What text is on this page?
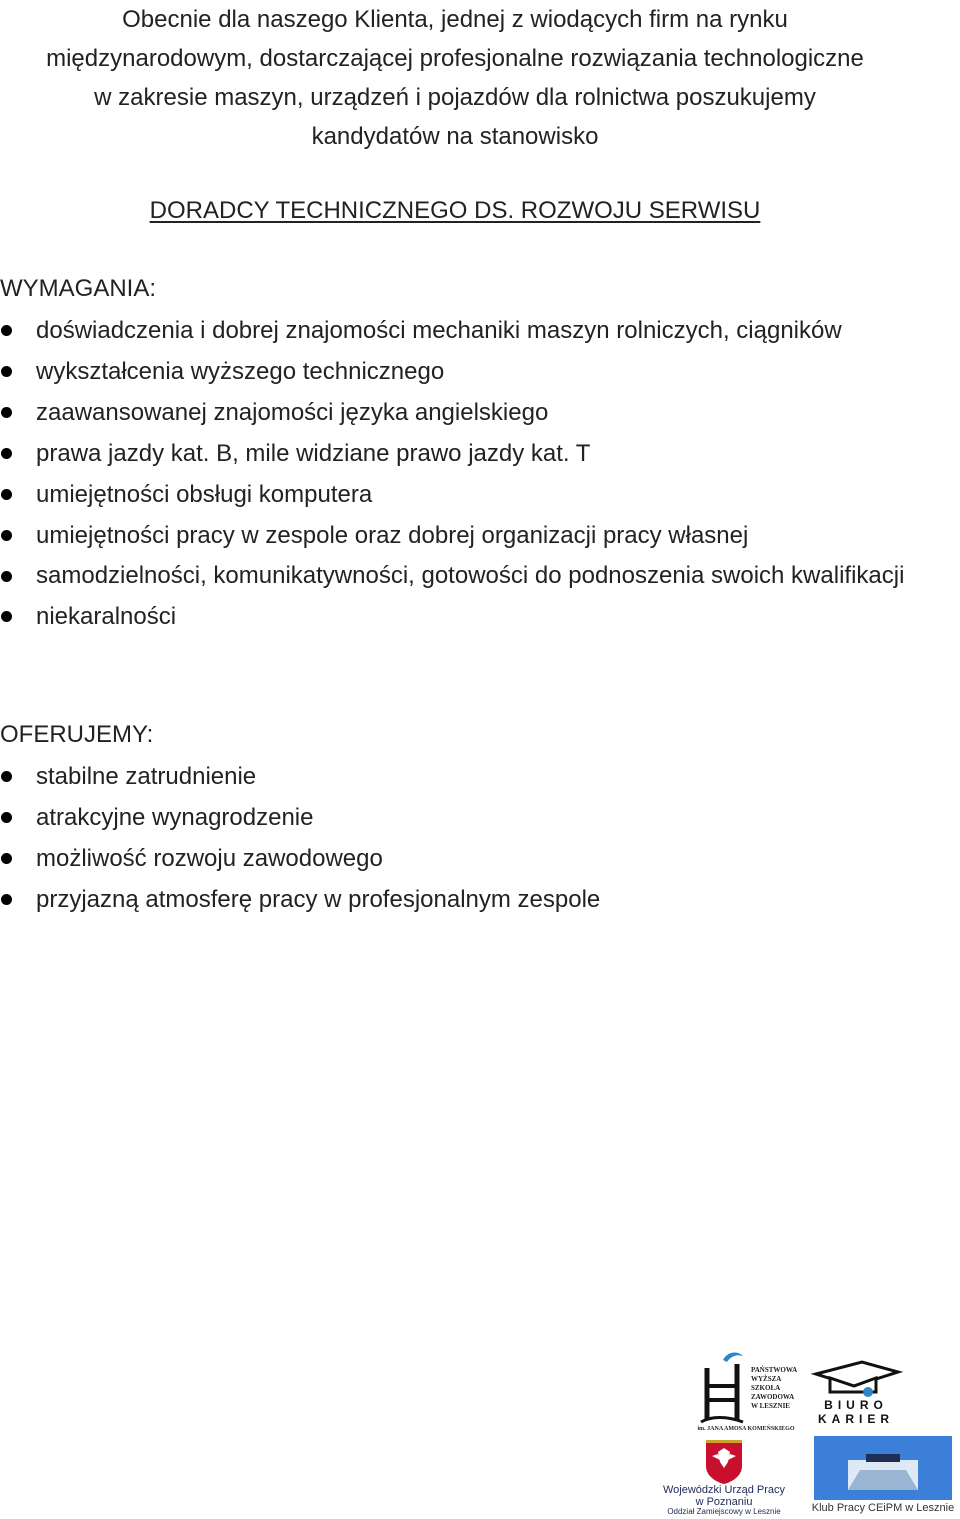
Obecnie dla naszego Klienta, jednej z wiodących firm na rynku

międzynarodowym, dostarczającej profesjonalne rozwiązania technologiczne

w zakresie maszyn, urządzeń i pojazdów dla rolnictwa poszukujemy

kandydatów na stanowisko

DORADCY TECHNICZNEGO DS. ROZWOJU SERWISU

WYMAGANIA:

doświadczenia i dobrej znajomości mechaniki maszyn rolniczych, ciągników
wykształcenia wyższego technicznego
zaawansowanej znajomości języka angielskiego
prawa jazdy kat. B, mile widziane prawo jazdy kat. T
umiejętności obsługi komputera
umiejętności pracy w zespole oraz dobrej organizacji pracy własnej
samodzielności, komunikatywności, gotowości do podnoszenia swoich kwalifikacji
niekaralności

OFERUJEMY:

stabilne zatrudnienie
atrakcyjne wynagrodzenie
możliwość rozwoju zawodowego
przyjazną atmosferę pracy w profesjonalnym zespole
PAŃSTWOWA
WYŻSZA
SZKOŁA
ZAWODOWA
W LESZNIE
im. JANA AMOSA KOMEŃSKIEGO
BIURO
KARIER
Wojewódzki Urząd Pracy
w Poznaniu
Oddział Zamiejscowy w Lesznie	Klub Pracy CEiPM w Lesznie
